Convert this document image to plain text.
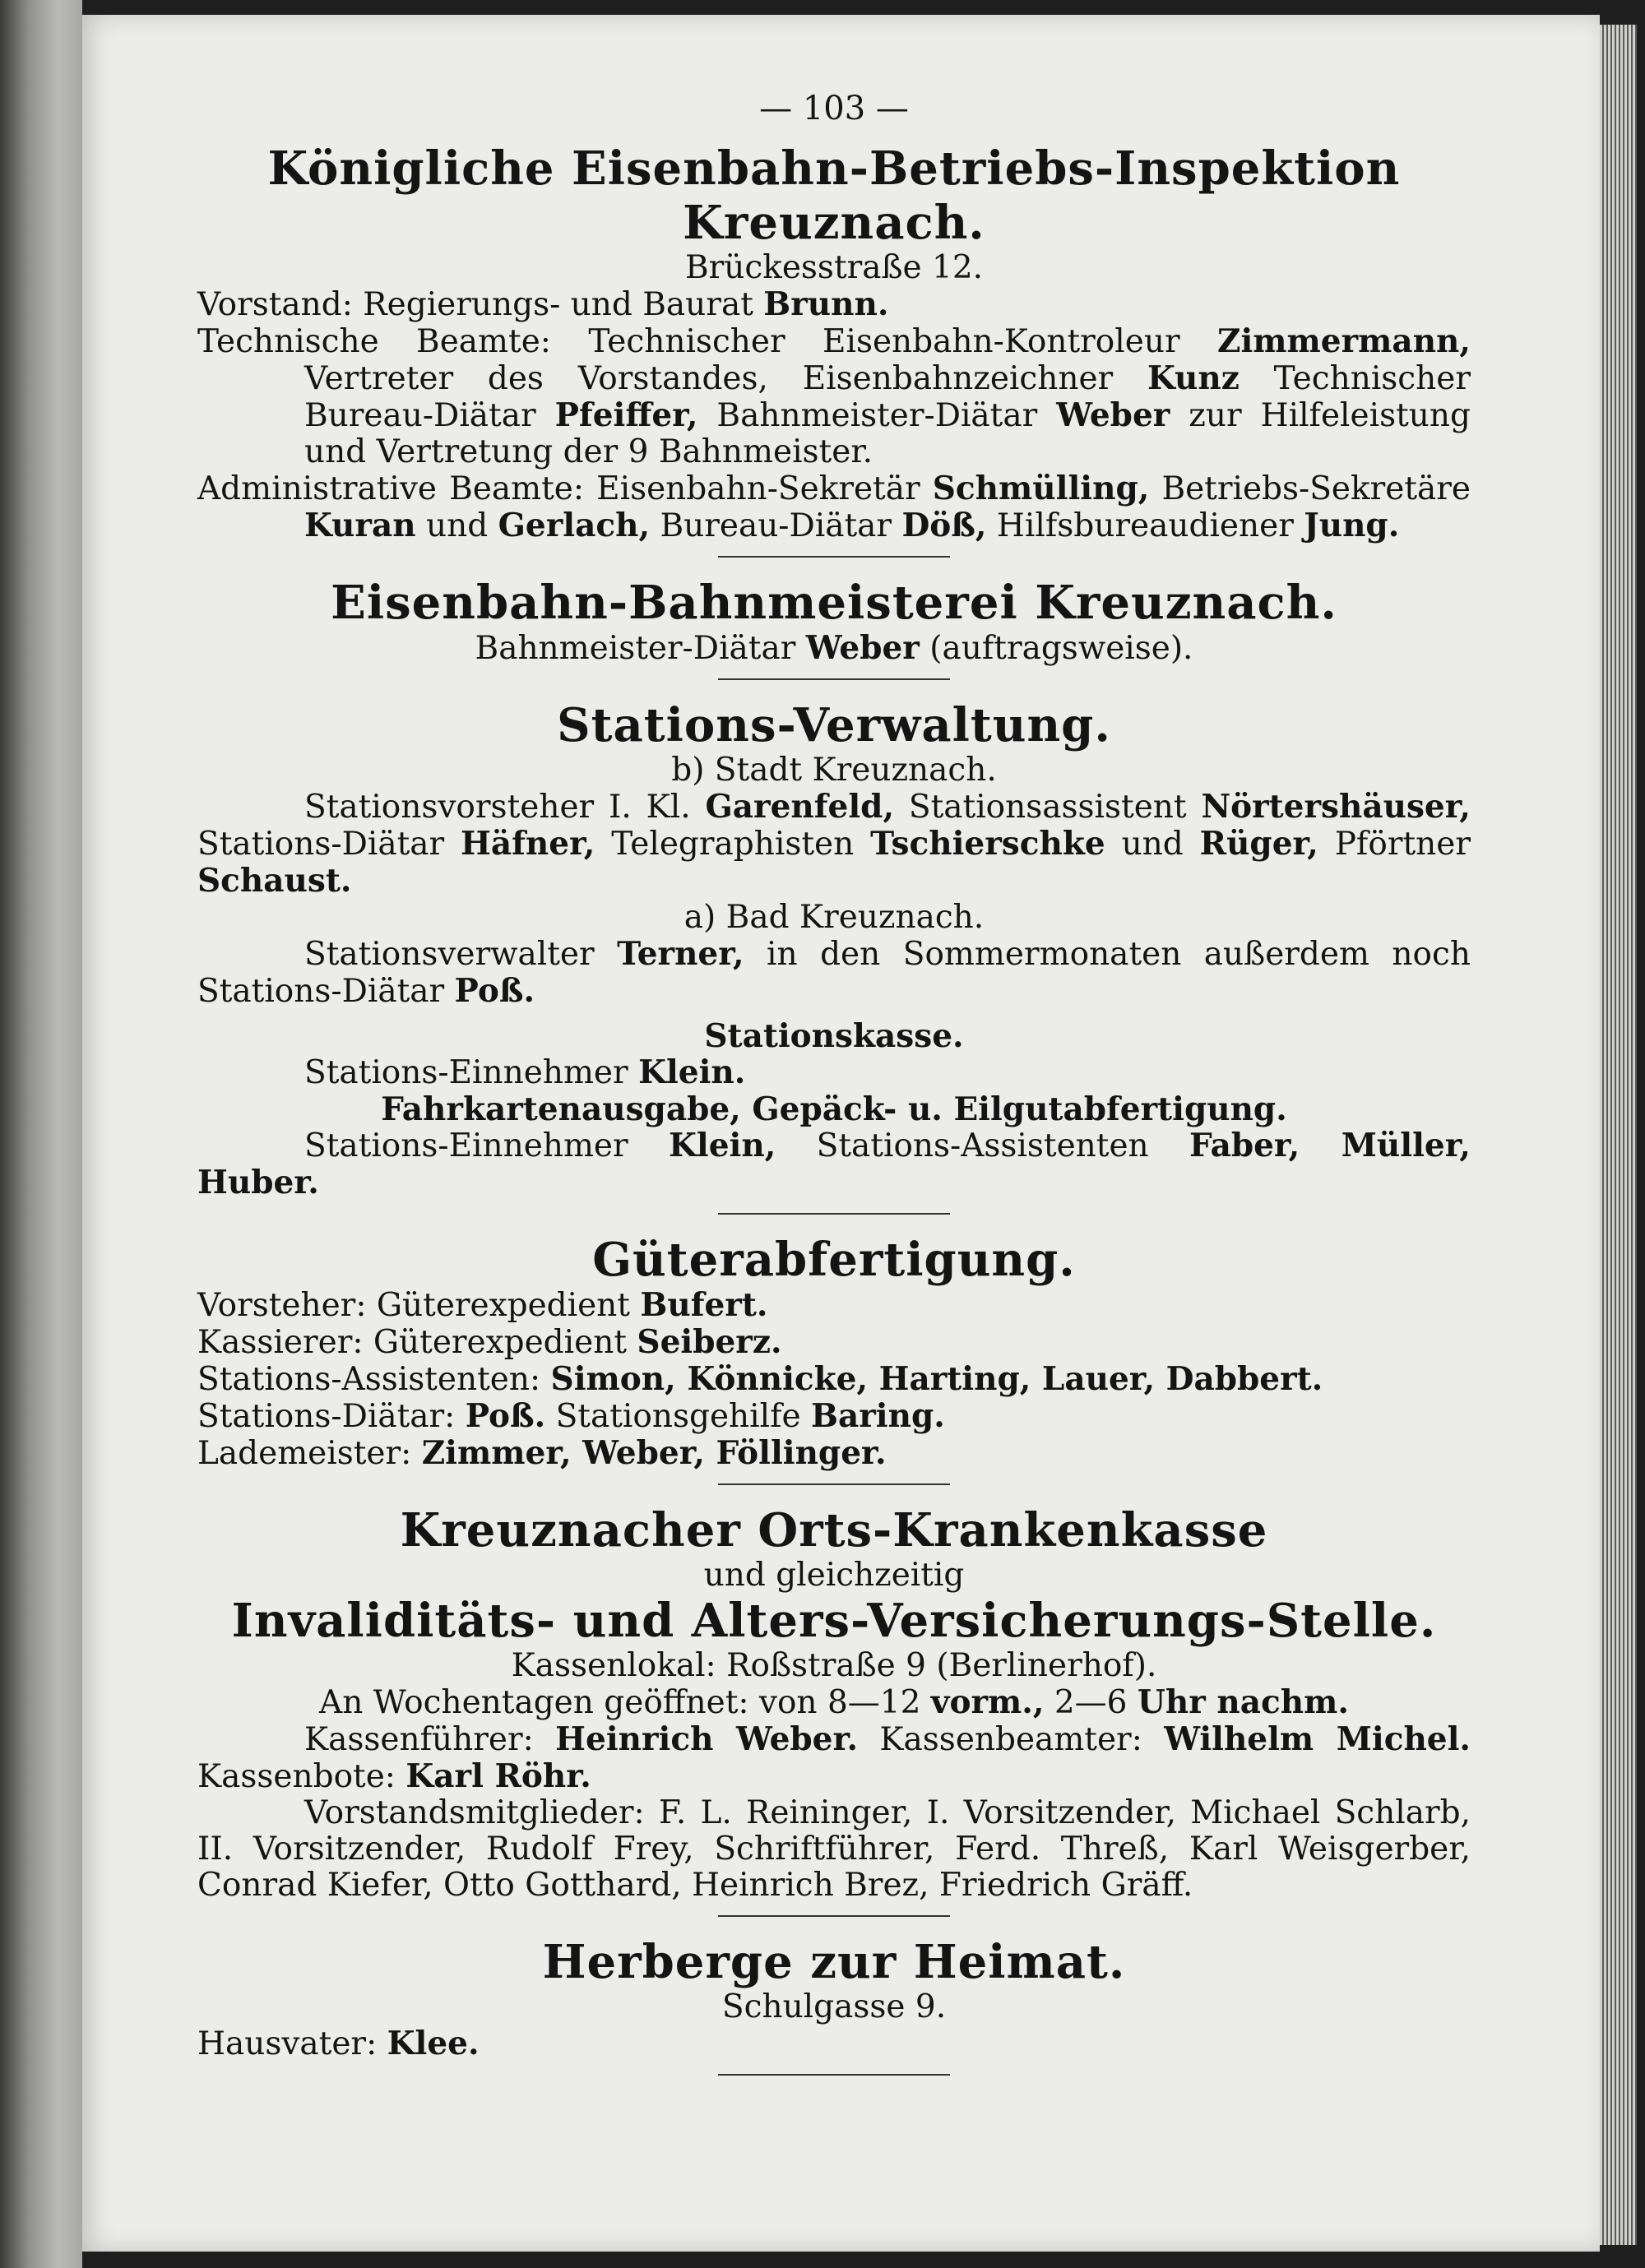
— 103 —

Königliche Eisenbahn-Betriebs-Inspektion Kreuznach.

Brückesstraße 12.

Vorstand: Regierungs- und Baurat Brunn.

Technische Beamte: Technischer Eisenbahn-Kontroleur Zimmermann, Vertreter des Vorstandes, Eisenbahnzeichner Kunz Technischer Bureau-Diätar Pfeiffer, Bahnmeister-Diätar Weber zur Hilfeleistung und Vertretung der 9 Bahnmeister.

Administrative Beamte: Eisenbahn-Sekretär Schmülling, Betriebs-Sekretäre Kuran und Gerlach, Bureau-Diätar Döß, Hilfsbureaudiener Jung.

Eisenbahn-Bahnmeisterei Kreuznach.

Bahnmeister-Diätar Weber (auftragsweise).

Stations-Verwaltung.

b) Stadt Kreuznach.

Stationsvorsteher I. Kl. Garenfeld, Stationsassistent Nörtershäuser, Stations-Diätar Häfner, Telegraphisten Tschierschke und Rüger, Pförtner Schaust.

a) Bad Kreuznach.

Stationsverwalter Terner, in den Sommermonaten außerdem noch Stations-Diätar Poß.

Stationskasse.

Stations-Einnehmer Klein.

Fahrkartenausgabe, Gepäck- u. Eilgutabfertigung.

Stations-Einnehmer Klein, Stations-Assistenten Faber, Müller, Huber.

Güterabfertigung.

Vorsteher: Güterexpedient Bufert.

Kassierer: Güterexpedient Seiberz.

Stations-Assistenten: Simon, Könnicke, Harting, Lauer, Dabbert.

Stations-Diätar: Poß. Stationsgehilfe Baring.

Lademeister: Zimmer, Weber, Föllinger.

Kreuznacher Orts-Krankenkasse

und gleichzeitig

Invaliditäts- und Alters-Versicherungs-Stelle.

Kassenlokal: Roßstraße 9 (Berlinerhof).

An Wochentagen geöffnet: von 8—12 vorm., 2—6 Uhr nachm.

Kassenführer: Heinrich Weber. Kassenbeamter: Wilhelm Michel. Kassenbote: Karl Röhr.

Vorstandsmitglieder: F. L. Reininger, I. Vorsitzender, Michael Schlarb, II. Vorsitzender, Rudolf Frey, Schriftführer, Ferd. Threß, Karl Weisgerber, Conrad Kiefer, Otto Gotthard, Heinrich Brez, Friedrich Gräff.

Herberge zur Heimat.

Schulgasse 9.

Hausvater: Klee.
